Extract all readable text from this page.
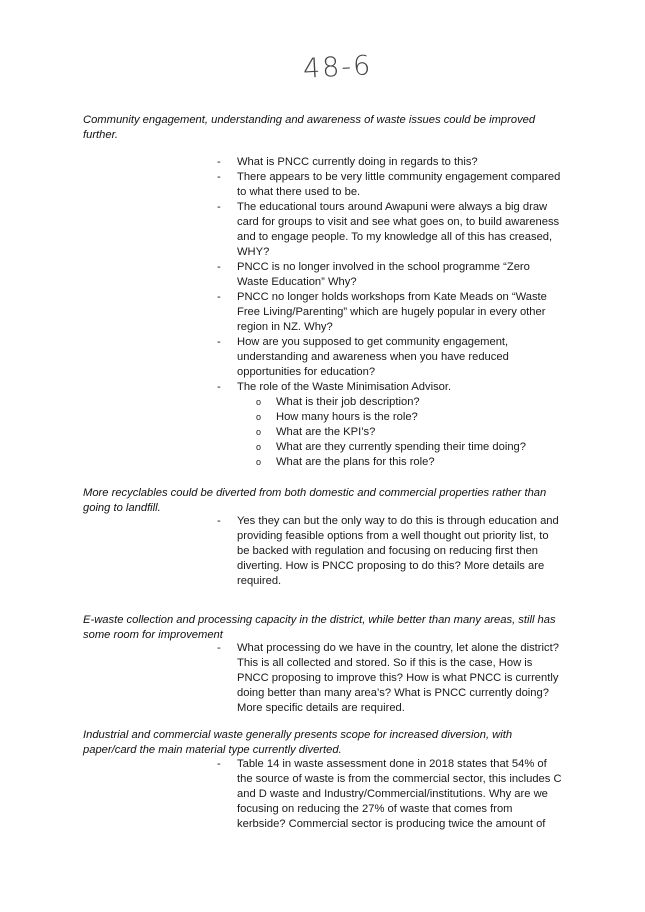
48-6
Community engagement, understanding and awareness of waste issues could be improved further.
- What is PNCC currently doing in regards to this?
- There appears to be very little community engagement compared to what there used to be.
- The educational tours around Awapuni were always a big draw card for groups to visit and see what goes on, to build awareness and to engage people. To my knowledge all of this has creased, WHY?
- PNCC is no longer involved in the school programme “Zero Waste Education” Why?
- PNCC no longer holds workshops from Kate Meads on “Waste Free Living/Parenting” which are hugely popular in every other region in NZ. Why?
- How are you supposed to get community engagement, understanding and awareness when you have reduced opportunities for education?
- The role of the Waste Minimisation Advisor.
o What is their job description?
o How many hours is the role?
o What are the KPI’s?
o What are they currently spending their time doing?
o What are the plans for this role?
More recyclables could be diverted from both domestic and commercial properties rather than going to landfill.
- Yes they can but the only way to do this is through education and providing feasible options from a well thought out priority list, to be backed with regulation and focusing on reducing first then diverting. How is PNCC proposing to do this? More details are required.
E-waste collection and processing capacity in the district, while better than many areas, still has some room for improvement
- What processing do we have in the country, let alone the district? This is all collected and stored. So if this is the case, How is PNCC proposing to improve this? How is what PNCC is currently doing better than many area’s? What is PNCC currently doing? More specific details are required.
Industrial and commercial waste generally presents scope for increased diversion, with paper/card the main material type currently diverted.
- Table 14 in waste assessment done in 2018 states that 54% of the source of waste is from the commercial sector, this includes C and D waste and Industry/Commercial/institutions. Why are we focusing on reducing the 27% of waste that comes from kerbside? Commercial sector is producing twice the amount of
